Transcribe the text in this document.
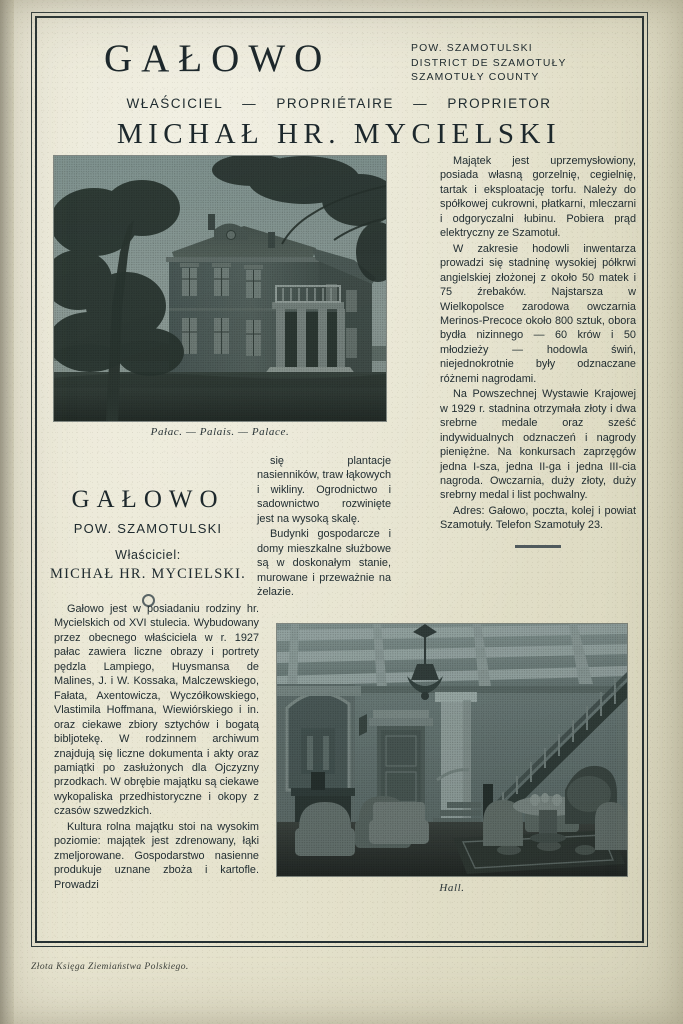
GAŁOWO	POW. SZAMOTULSKI
DISTRICT DE SZAMOTUŁY
SZAMOTUŁY COUNTY
WŁAŚCICIEL — PROPRIÉTAIRE — PROPRIETOR
MICHAŁ HR. MYCIELSKI
Pałac. — Palais. — Palace.

Majątek jest uprzemysłowiony, posiada własną gorzelnię, cegielnię, tartak i eksploatację torfu. Należy do spółkowej cukrowni, płatkarni, mleczarni i odgoryczalni łubinu. Pobiera prąd elektryczny ze Szamotuł.

W zakresie hodowli inwentarza prowadzi się stadninę wysokiej półkrwi angielskiej złożonej z około 50 matek i 75 źrebaków. Najstarsza w Wielkopolsce zarodowa owczarnia Merinos-Precoce około 800 sztuk, obora bydła nizinnego — 60 krów i 50 młodzieży — hodowla świń, niejednokrotnie były odznaczane różnemi nagrodami.

Na Powszechnej Wystawie Krajowej w 1929 r. stadnina otrzymała złoty i dwa srebrne medale oraz sześć indywidualnych odznaczeń i nagrody pieniężne. Na konkursach zaprzęgów jedna I-sza, jedna II-ga i jedna III-cia nagroda. Owczarnia, duży złoty, duży srebrny medal i list pochwalny.

Adres: Gałowo, poczta, kolej i powiat Szamotuły. Telefon Szamotuły 23.

GAŁOWO
POW. SZAMOTULSKI
Właściciel:
MICHAŁ HR. MYCIELSKI.

się plantacje nasienników, traw łąkowych i wikliny. Ogrodnictwo i sadownictwo rozwinięte jest na wysoką skalę.

Budynki gospodarcze i domy mieszkalne służbowe są w doskonałym stanie, murowane i przeważnie na żelazie.

Gałowo jest w posiadaniu rodziny hr. Mycielskich od XVI stulecia. Wybudowany przez obecnego właściciela w r. 1927 pałac zawiera liczne obrazy i portrety pędzla Lampiego, Huysmansa de Malines, J. i W. Kossaka, Malczewskiego, Fałata, Axentowicza, Wyczółkowskiego, Vlastimila Hoffmana, Wiewiórskiego i in. oraz ciekawe zbiory sztychów i bogatą bibljotekę. W rodzinnem archiwum znajdują się liczne dokumenta i akty oraz pamiątki po zasłużonych dla Ojczyzny przodkach. W obrębie majątku są ciekawe wykopaliska przedhistoryczne i okopy z czasów szwedzkich.

Kultura rolna majątku stoi na wysokim poziomie: majątek jest zdrenowany, łąki zmeljorowane. Gospodarstwo nasienne produkuje uznane zboża i kartofle. Prowadzi	Hall.
Złota Księga Ziemiaństwa Polskiego.
